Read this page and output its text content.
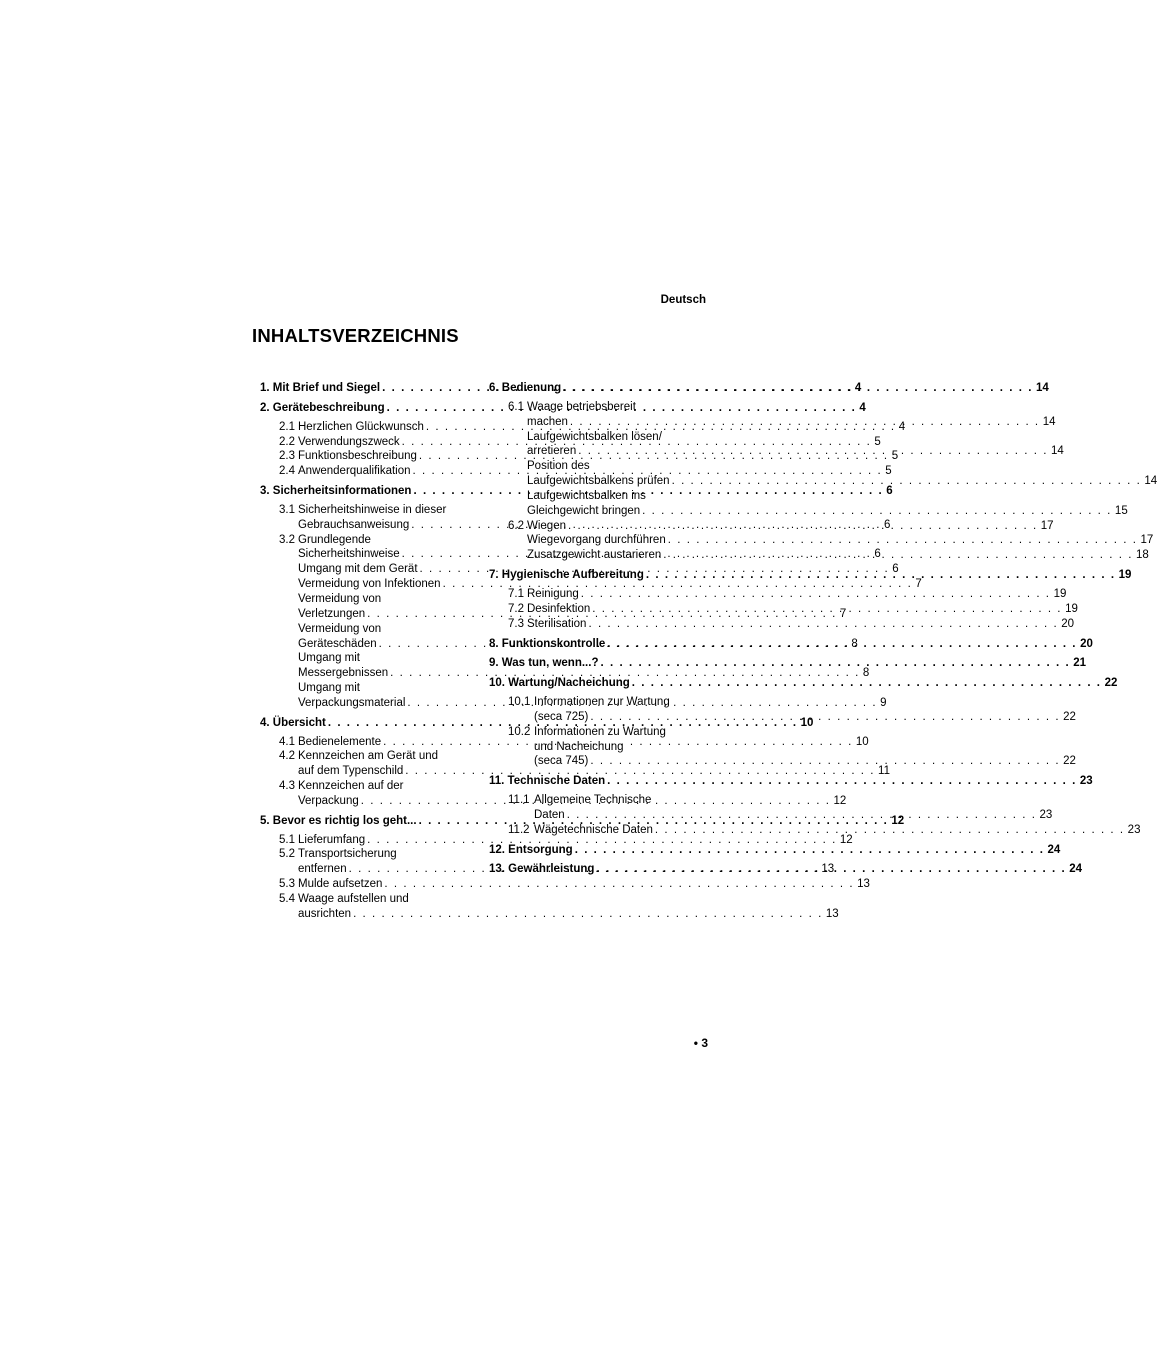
Deutsch
INHALTSVERZEICHNIS
1. Mit Brief und Siegel . . .	4
2. Gerätebeschreibung . . .	4
2.1 Herzlichen Glückwunsch . . .	4
2.2 Verwendungszweck . . .	5
2.3 Funktionsbeschreibung . . .	5
2.4 Anwenderqualifikation . . .	5
3. Sicherheitsinformationen . . .	6
3.1 Sicherheitshinweise in dieser
Gebrauchsanweisung . . .	6
3.2 Grundlegende
Sicherheitshinweise . . .	6
Umgang mit dem Gerät . . .	6
Vermeidung von Infektionen . . .	7
Vermeidung von
Verletzungen . . .	7
Vermeidung von
Geräteschäden . . .	8
Umgang mit
Messergebnissen . . .	8
Umgang mit
Verpackungsmaterial . . .	9
4. Übersicht . . .	10
4.1 Bedienelemente . . .	10
4.2 Kennzeichen am Gerät und
auf dem Typenschild . . .	11
4.3 Kennzeichen auf der
Verpackung . . .	12
5. Bevor es richtig los geht... . . .	12
5.1 Lieferumfang . . .	12
5.2 Transportsicherung
entfernen . . .	13
5.3 Mulde aufsetzen . . .	13
5.4 Waage aufstellen und
ausrichten . . .	13
6. Bedienung . . .	14
6.1 Waage betriebsbereit
machen . . .	14
Laufgewichtsbalken lösen/
arretieren . . .	14
Position des
Laufgewichtsbalkens prüfen . . .	14
Laufgewichtsbalken ins
Gleichgewicht bringen . . .	15
6.2 Wiegen . . .	17
Wiegevorgang durchführen . . .	17
Zusatzgewicht austarieren . . .	18
7. Hygienische Aufbereitung . . .	19
7.1 Reinigung . . .	19
7.2 Desinfektion . . .	19
7.3 Sterilisation . . .	20
8. Funktionskontrolle . . .	20
9. Was tun, wenn...? . . .	21
10. Wartung/Nacheichung . . .	22
10.1 Informationen zur Wartung
(seca 725) . . .	22
10.2 Informationen zu Wartung
und Nacheichung
(seca 745) . . .	22
11. Technische Daten . . .	23
11.1 Allgemeine Technische
Daten . . .	23
11.2 Wägetechnische Daten . . .	23
12. Entsorgung . . .	24
13. Gewährleistung . . .	24
• 3
